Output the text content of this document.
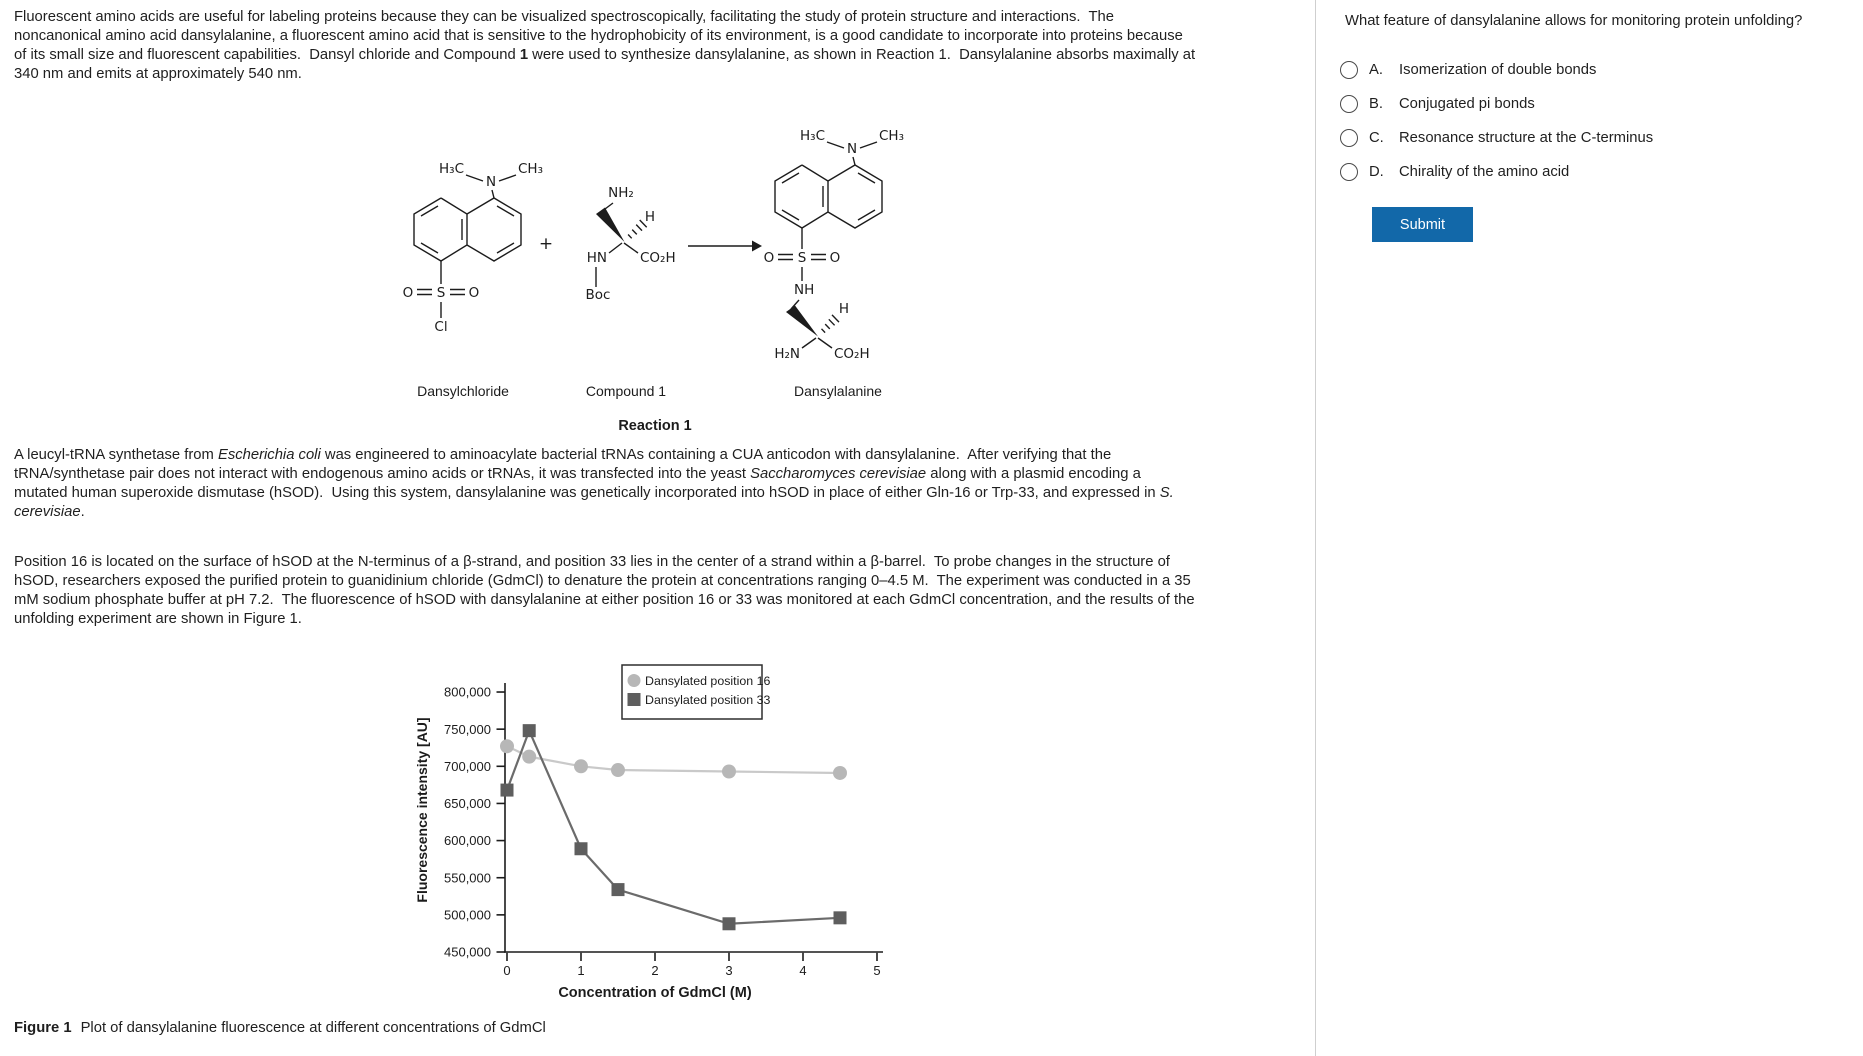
Fluorescent amino acids are useful for labeling proteins because they can be visualized spectroscopically, facilitating the study of protein structure and interactions.  The noncanonical amino acid dansylalanine, a fluorescent amino acid that is sensitive to the hydrophobicity of its environment, is a good candidate to incorporate into proteins because of its small size and fluorescent capabilities.  Dansyl chloride and Compound 1 were used to synthesize dansylalanine, as shown in Reaction 1.  Dansylalanine absorbs maximally at 340 nm and emits at approximately 540 nm.

N
H₃C	CH₃
S
O	O
Cl
+
NH₂
H
CO₂H
HN
Boc
N
H₃C	CH₃
S
O	O
NH
H
H₂N	CO₂H
Dansylchloride	Compound 1	Dansylalanine
Reaction 1

A leucyl-tRNA synthetase from Escherichia coli was engineered to aminoacylate bacterial tRNAs containing a CUA anticodon with dansylalanine.  After verifying that the tRNA/synthetase pair does not interact with endogenous amino acids or tRNAs, it was transfected into the yeast Saccharomyces cerevisiae along with a plasmid encoding a mutated human superoxide dismutase (hSOD).  Using this system, dansylalanine was genetically incorporated into hSOD in place of either Gln-16 or Trp-33, and expressed in S. cerevisiae.

Position 16 is located on the surface of hSOD at the N-terminus of a β-strand, and position 33 lies in the center of a strand within a β-barrel.  To probe changes in the structure of hSOD, researchers exposed the purified protein to guanidinium chloride (GdmCl) to denature the protein at concentrations ranging 0–4.5 M.  The experiment was conducted in a 35 mM sodium phosphate buffer at pH 7.2.  The fluorescence of hSOD with dansylalanine at either position 16 or 33 was monitored at each GdmCl concentration, and the results of the unfolding experiment are shown in Figure 1.

450,000
500,000
550,000
600,000
650,000
700,000
750,000
800,000
0	1	2	3	4	5
Fluorescence intensity [AU]
Concentration of GdmCl (M)
Dansylated position 16
Dansylated position 33

Figure 1 Plot of dansylalanine fluorescence at different concentrations of GdmCl

What feature of dansylalanine allows for monitoring protein unfolding?
A.	Isomerization of double bonds
B.	Conjugated pi bonds
C.	Resonance structure at the C-terminus
D.	Chirality of the amino acid
Submit
